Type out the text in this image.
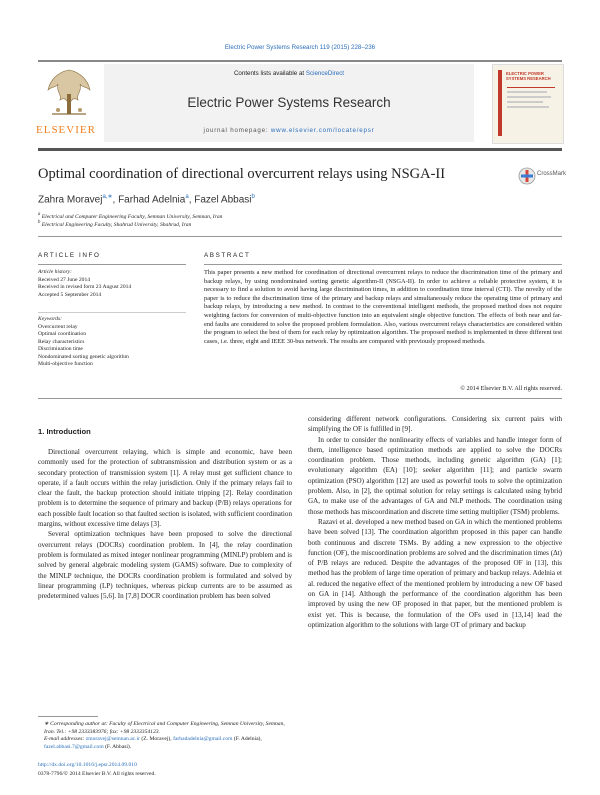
Electric Power Systems Research 119 (2015) 228–236
ELSEVIER
Contents lists available at ScienceDirect
Electric Power Systems Research
journal homepage: www.elsevier.com/locate/epsr
ELECTRIC POWER SYSTEMS RESEARCH
Optimal coordination of directional overcurrent relays using NSGA-II	CrossMark
Zahra Moravej$^{a,∗}$, Farhad Adelnia$^a$, Fazel Abbasi$^b$
$^a$ Electrical and Computer Engineering Faculty, Semnan University, Semnan, Iran
$^b$ Electrical Engineering Faculty, Shahrud University, Shahrud, Iran
ARTICLE INFO
Article history:
Received 27 June 2014
Received in revised form 23 August 2014
Accepted 5 September 2014
Keywords:
Overcurrent relay
Optimal coordination
Relay characteristics
Discrimination time
Nondominated sorting genetic algorithm
Multi-objective function
ABSTRACT
This paper presents a new method for coordination of directional overcurrent relays to reduce the discrimination time of the primary and backup relays, by using nondominated sorting genetic algorithm-II (NSGA-II). In order to achieve a reliable protective system, it is necessary to find a solution to avoid having large discrimination times, in addition to coordination time interval (CTI). The novelty of the paper is to reduce the discrimination time of the primary and backup relays and simultaneously reduce the operating time of primary and backup relays, by introducing a new method. In contrast to the conventional intelligent methods, the proposed method does not require weighting factors for conversion of multi-objective function into an equivalent single objective function. The effects of both near and far-end faults are considered to solve the proposed problem formulation. Also, various overcurrent relays characteristics are considered within the program to select the best of them for each relay by optimization algorithm. The proposed method is implemented in three different test cases, i.e. three, eight and IEEE 30-bus network. The results are compared with previously proposed methods.
© 2014 Elsevier B.V. All rights reserved.
1. Introduction

Directional overcurrent relaying, which is simple and economic, have been commonly used for the protection of subtransmission and distribution system or as a secondary protection of transmission system [1]. A relay must get sufficient chance to operate, if a fault occurs within the relay jurisdiction. Only if the primary relays fail to clear the fault, the backup protection should initiate tripping [2]. Relay coordination problem is to determine the sequence of primary and backup (P/B) relays operations for each possible fault location so that faulted section is isolated, with sufficient coordination margins, without excessive time delays [3].

Several optimization techniques have been proposed to solve the directional overcurrent relays (DOCRs) coordination problem. In [4], the relay coordination problem is formulated as mixed integer nonlinear programming (MINLP) problem and is solved by general algebraic modeling system (GAMS) software. Due to complexity of the MINLP technique, the DOCRs coordination problem is formulated and solved by linear programming (LP) techniques, whereas pickup currents are to be assumed as predetermined values [5,6]. In [7,8] DOCR coordination problem has been solved

considering different network configurations. Considering six current pairs with simplifying the OF is fulfilled in [9].

In order to consider the nonlinearity effects of variables and handle integer form of them, intelligence based optimization methods are applied to solve the DOCRs coordination problem. Those methods, including genetic algorithm (GA) [1]; evolutionary algorithm (EA) [10]; seeker algorithm [11]; and particle swarm optimization (PSO) algorithm [12] are used as powerful tools to solve the optimization problem. Also, in [2], the optimal solution for relay settings is calculated using hybrid GA, to make use of the advantages of GA and NLP methods. The coordination using those methods has miscoordination and discrete time setting multiplier (TSM) problems.

Razavi et al. developed a new method based on GA in which the mentioned problems have been solved [13]. The coordination algorithm proposed in this paper can handle both continuous and discrete TSMs. By adding a new expression to the objective function (OF), the miscoordination problems are solved and the discrimination times (Δt) of P/B relays are reduced. Despite the advantages of the proposed OF in [13], this method has the problem of large time operation of primary and backup relays. Adelnia et al. reduced the negative effect of the mentioned problem by introducing a new OF based on GA in [14]. Although the performance of the coordination algorithm has been improved by using the new OF proposed in that paper, but the mentioned problem is exist yet. This is because, the formulation of the OFs used in [13,14] lead the optimization algorithm to the solutions with large OT of primary and backup

∗ Corresponding author at: Faculty of Electrical and Computer Engineering, Semnan University, Semnan, Iran. Tel.: +98 2333383976; fax: +98 2333354123.
E-mail addresses: zmoravej@semnan.ac.ir (Z. Moravej), farhadadelnia@gmail.com (F. Adelnia), fazel.abbasi.7@gmail.com (F. Abbasi).
http://dx.doi.org/10.1016/j.epsr.2014.09.010
0378-7796/© 2014 Elsevier B.V. All rights reserved.
